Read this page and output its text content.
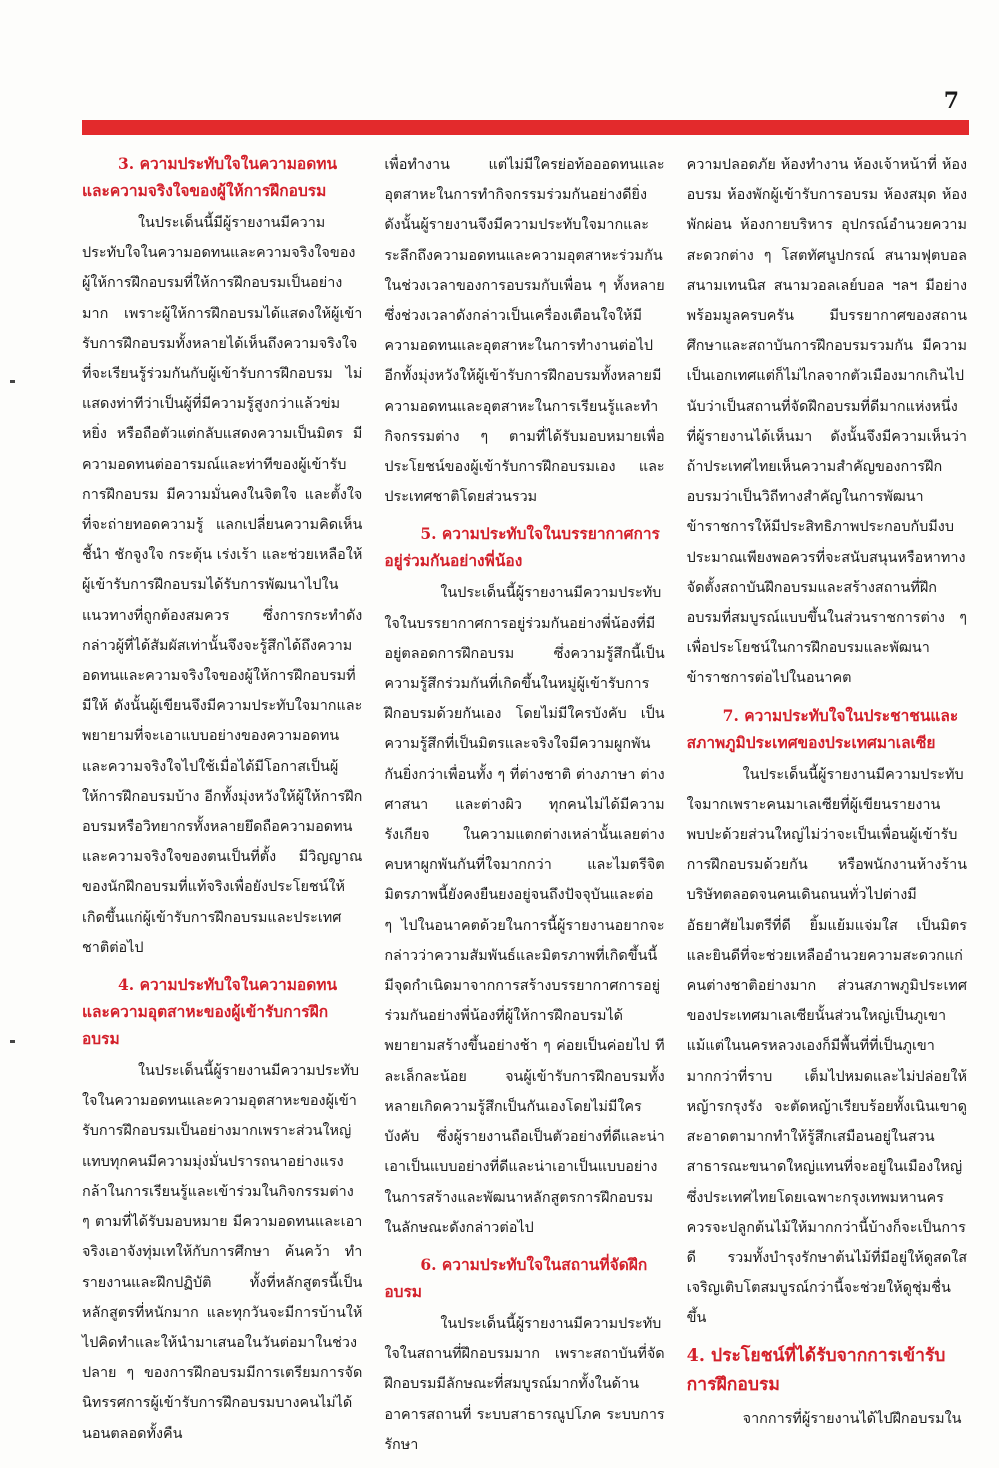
7
3. ความประทับใจในความอดทนและความจริงใจของผู้ให้การฝึกอบรม

ในประเด็นนี้มีผู้รายงานมีความประทับใจในความอดทนและความจริงใจของผู้ให้การฝึกอบรมที่ให้การฝึกอบรมเป็นอย่างมาก เพราะผู้ให้การฝึกอบรมได้แสดงให้ผู้เข้ารับการฝึกอบรมทั้งหลายได้เห็นถึงความจริงใจที่จะเรียนรู้ร่วมกันกับผู้เข้ารับการฝึกอบรม ไม่แสดงท่าทีว่าเป็นผู้ที่มีความรู้สูงกว่าแล้วข่ม หยิ่ง หรือถือตัวแต่กลับแสดงความเป็นมิตร มีความอดทนต่ออารมณ์และท่าทีของผู้เข้ารับการฝึกอบรม มีความมั่นคงในจิตใจ และตั้งใจที่จะถ่ายทอดความรู้ แลกเปลี่ยนความคิดเห็น ชี้นำ ชักจูงใจ กระตุ้น เร่งเร้า และช่วยเหลือให้ผู้เข้ารับการฝึกอบรมได้รับการพัฒนาไปในแนวทางที่ถูกต้องสมควร ซึ่งการกระทำดังกล่าวผู้ที่ได้สัมผัสเท่านั้นจึงจะรู้สึกได้ถึงความอดทนและความจริงใจของผู้ให้การฝึกอบรมที่มีให้ ดังนั้นผู้เขียนจึงมีความประทับใจมากและพยายามที่จะเอาแบบอย่างของความอดทนและความจริงใจไปใช้เมื่อได้มีโอกาสเป็นผู้ให้การฝึกอบรมบ้าง อีกทั้งมุ่งหวังให้ผู้ให้การฝึกอบรมหรือวิทยากรทั้งหลายยึดถือความอดทนและความจริงใจของตนเป็นที่ตั้ง มีวิญญาณของนักฝึกอบรมที่แท้จริงเพื่อยังประโยชน์ให้เกิดขึ้นแก่ผู้เข้ารับการฝึกอบรมและประเทศชาติต่อไป

4. ความประทับใจในความอดทนและความอุตสาหะของผู้เข้ารับการฝึกอบรม

ในประเด็นนี้ผู้รายงานมีความประทับใจในความอดทนและความอุตสาหะของผู้เข้ารับการฝึกอบรมเป็นอย่างมากเพราะส่วนใหญ่แทบทุกคนมีความมุ่งมั่นปรารถนาอย่างแรงกล้าในการเรียนรู้และเข้าร่วมในกิจกรรมต่าง ๆ ตามที่ได้รับมอบหมาย มีความอดทนและเอาจริงเอาจังทุ่มเทให้กับการศึกษา ค้นคว้า ทำรายงานและฝึกปฏิบัติ ทั้งที่หลักสูตรนี้เป็นหลักสูตรที่หนักมาก และทุกวันจะมีการบ้านให้ไปคิดทำและให้นำมาเสนอในวันต่อมาในช่วงปลาย ๆ ของการฝึกอบรมมีการเตรียมการจัดนิทรรศการผู้เข้ารับการฝึกอบรมบางคนไม่ได้นอนตลอดทั้งคืน

เพื่อทำงาน แต่ไม่มีใครย่อท้อออดทนและอุตสาหะในการทำกิจกรรมร่วมกันอย่างดียิ่ง ดังนั้นผู้รายงานจึงมีความประทับใจมากและระลึกถึงความอดทนและความอุตสาหะร่วมกันในช่วงเวลาของการอบรมกับเพื่อน ๆ ทั้งหลาย ซึ่งช่วงเวลาดังกล่าวเป็นเครื่องเตือนใจให้มีความอดทนและอุตสาหะในการทำงานต่อไป อีกทั้งมุ่งหวังให้ผู้เข้ารับการฝึกอบรมทั้งหลายมีความอดทนและอุตสาหะในการเรียนรู้และทำกิจกรรมต่าง ๆ ตามที่ได้รับมอบหมายเพื่อประโยชน์ของผู้เข้ารับการฝึกอบรมเอง และประเทศชาติโดยส่วนรวม

5. ความประทับใจในบรรยากาศการอยู่ร่วมกันอย่างพี่น้อง

ในประเด็นนี้ผู้รายงานมีความประทับใจในบรรยากาศการอยู่ร่วมกันอย่างพี่น้องที่มีอยู่ตลอดการฝึกอบรม ซึ่งความรู้สึกนี้เป็นความรู้สึกร่วมกันที่เกิดขึ้นในหมู่ผู้เข้ารับการฝึกอบรมด้วยกันเอง โดยไม่มีใครบังคับ เป็นความรู้สึกที่เป็นมิตรและจริงใจมีความผูกพันกันยิ่งกว่าเพื่อนทั้ง ๆ ที่ต่างชาติ ต่างภาษา ต่างศาสนา และต่างผิว ทุกคนไม่ได้มีความรังเกียจ ในความแตกต่างเหล่านั้นเลยต่างคบหาผูกพันกันที่ใจมากกว่า และไมตรีจิตมิตรภาพนี้ยังคงยืนยงอยู่จนถึงปัจจุบันและต่อ ๆ ไปในอนาคตด้วยในการนี้ผู้รายงานอยากจะกล่าวว่าความสัมพันธ์และมิตรภาพที่เกิดขึ้นนี้มีจุดกำเนิดมาจากการสร้างบรรยากาศการอยู่ร่วมกันอย่างพี่น้องที่ผู้ให้การฝึกอบรมได้พยายามสร้างขึ้นอย่างช้า ๆ ค่อยเป็นค่อยไป ทีละเล็กละน้อย จนผู้เข้ารับการฝึกอบรมทั้งหลายเกิดความรู้สึกเป็นกันเองโดยไม่มีใครบังคับ ซึ่งผู้รายงานถือเป็นตัวอย่างที่ดีและน่าเอาเป็นแบบอย่างที่ดีและน่าเอาเป็นแบบอย่างในการสร้างและพัฒนาหลักสูตรการฝึกอบรมในลักษณะดังกล่าวต่อไป

6. ความประทับใจในสถานที่จัดฝึกอบรม

ในประเด็นนี้ผู้รายงานมีความประทับใจในสถานที่ฝึกอบรมมาก เพราะสถาบันที่จัดฝึกอบรมมีลักษณะที่สมบูรณ์มากทั้งในด้านอาคารสถานที่ ระบบสาธารณูปโภค ระบบการรักษา

ความปลอดภัย ห้องทำงาน ห้องเจ้าหน้าที่ ห้องอบรม ห้องพักผู้เข้ารับการอบรม ห้องสมุด ห้องพักผ่อน ห้องกายบริหาร อุปกรณ์อำนวยความสะดวกต่าง ๆ โสตทัศนูปกรณ์ สนามฟุตบอล สนามเทนนิส สนามวอลเลย์บอล ฯลฯ มีอย่างพร้อมมูลครบครัน มีบรรยากาศของสถานศึกษาและสถาบันการฝึกอบรมรวมกัน มีความเป็นเอกเทศแต่ก็ไม่ไกลจากตัวเมืองมากเกินไป นับว่าเป็นสถานที่จัดฝึกอบรมที่ดีมากแห่งหนึ่งที่ผู้รายงานได้เห็นมา ดังนั้นจึงมีความเห็นว่าถ้าประเทศไทยเห็นความสำคัญของการฝึกอบรมว่าเป็นวิถีทางสำคัญในการพัฒนาข้าราชการให้มีประสิทธิภาพประกอบกับมีงบประมาณเพียงพอควรที่จะสนับสนุนหรือหาทางจัดตั้งสถาบันฝึกอบรมและสร้างสถานที่ฝึกอบรมที่สมบูรณ์แบบขึ้นในส่วนราชการต่าง ๆ เพื่อประโยชน์ในการฝึกอบรมและพัฒนาข้าราชการต่อไปในอนาคต

7. ความประทับใจในประชาชนและสภาพภูมิประเทศของประเทศมาเลเซีย

ในประเด็นนี้ผู้รายงานมีความประทับใจมากเพราะคนมาเลเซียที่ผู้เขียนรายงานพบปะด้วยส่วนใหญ่ไม่ว่าจะเป็นเพื่อนผู้เข้ารับการฝึกอบรมด้วยกัน หรือพนักงานห้างร้านบริษัทตลอดจนคนเดินถนนทั่วไปต่างมีอัธยาศัยไมตรีที่ดี ยิ้มแย้มแจ่มใส เป็นมิตร และยินดีที่จะช่วยเหลืออำนวยความสะดวกแก่คนต่างชาติอย่างมาก ส่วนสภาพภูมิประเทศของประเทศมาเลเซียนั้นส่วนใหญ่เป็นภูเขา แม้แต่ในนครหลวงเองก็มีพื้นที่ที่เป็นภูเขามากกว่าที่ราบ เต็มไปหมดและไม่ปล่อยให้หญ้ารกรุงรัง จะตัดหญ้าเรียบร้อยทั้งเนินเขาดูสะอาดตามากทำให้รู้สึกเสมือนอยู่ในสวนสาธารณะขนาดใหญ่แทนที่จะอยู่ในเมืองใหญ่ ซึ่งประเทศไทยโดยเฉพาะกรุงเทพมหานครควรจะปลูกต้นไม้ให้มากกว่านี้บ้างก็จะเป็นการดี รวมทั้งบำรุงรักษาต้นไม้ที่มีอยู่ให้ดูสดใสเจริญเติบโตสมบูรณ์กว่านี้จะช่วยให้ดูชุ่มชื่นขึ้น

4. ประโยชน์ที่ได้รับจากการเข้ารับการฝึกอบรม

จากการที่ผู้รายงานได้ไปฝึกอบรมใน
